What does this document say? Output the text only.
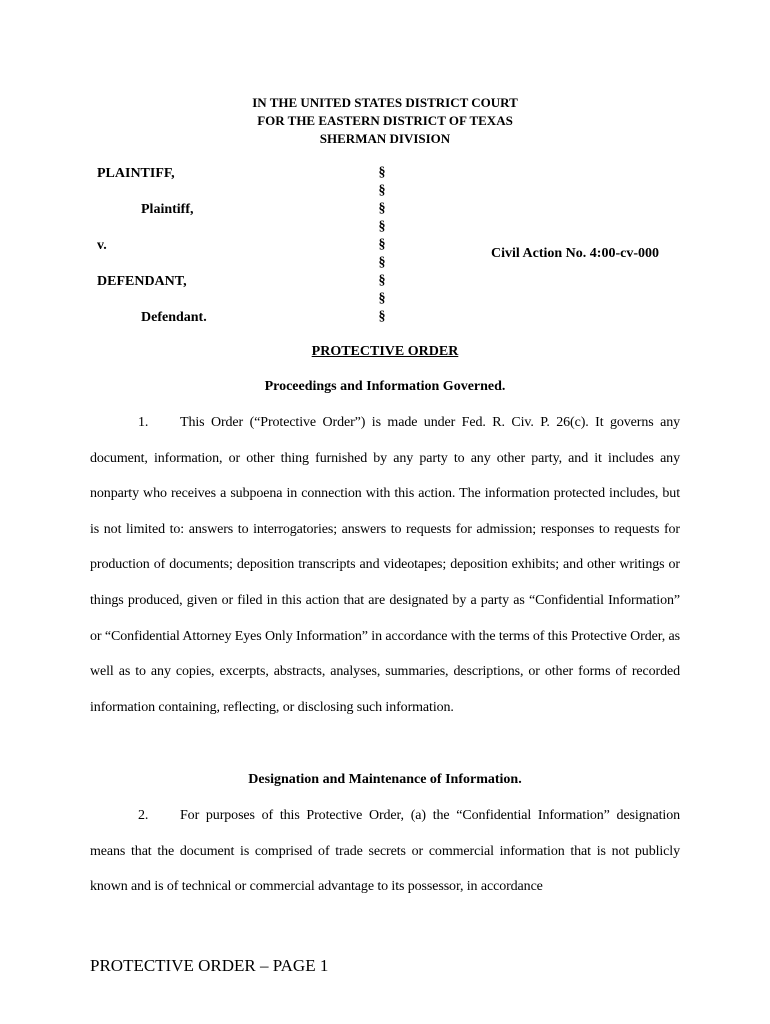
IN THE UNITED STATES DISTRICT COURT
FOR THE EASTERN DISTRICT OF TEXAS
SHERMAN DIVISION
PLAINTIFF,
Plaintiff,
v.
DEFENDANT,
Defendant.
§
§
§
§
§
§
§
§
§
Civil Action No. 4:00-cv-000
PROTECTIVE ORDER
Proceedings and Information Governed.
1. This Order (“Protective Order”) is made under Fed. R. Civ. P. 26(c). It governs any document, information, or other thing furnished by any party to any other party, and it includes any nonparty who receives a subpoena in connection with this action. The information protected includes, but is not limited to: answers to interrogatories; answers to requests for admission; responses to requests for production of documents; deposition transcripts and videotapes; deposition exhibits; and other writings or things produced, given or filed in this action that are designated by a party as “Confidential Information” or “Confidential Attorney Eyes Only Information” in accordance with the terms of this Protective Order, as well as to any copies, excerpts, abstracts, analyses, summaries, descriptions, or other forms of recorded information containing, reflecting, or disclosing such information.
Designation and Maintenance of Information.
2. For purposes of this Protective Order, (a) the “Confidential Information” designation means that the document is comprised of trade secrets or commercial information that is not publicly known and is of technical or commercial advantage to its possessor, in accordance
PROTECTIVE ORDER – PAGE 1
